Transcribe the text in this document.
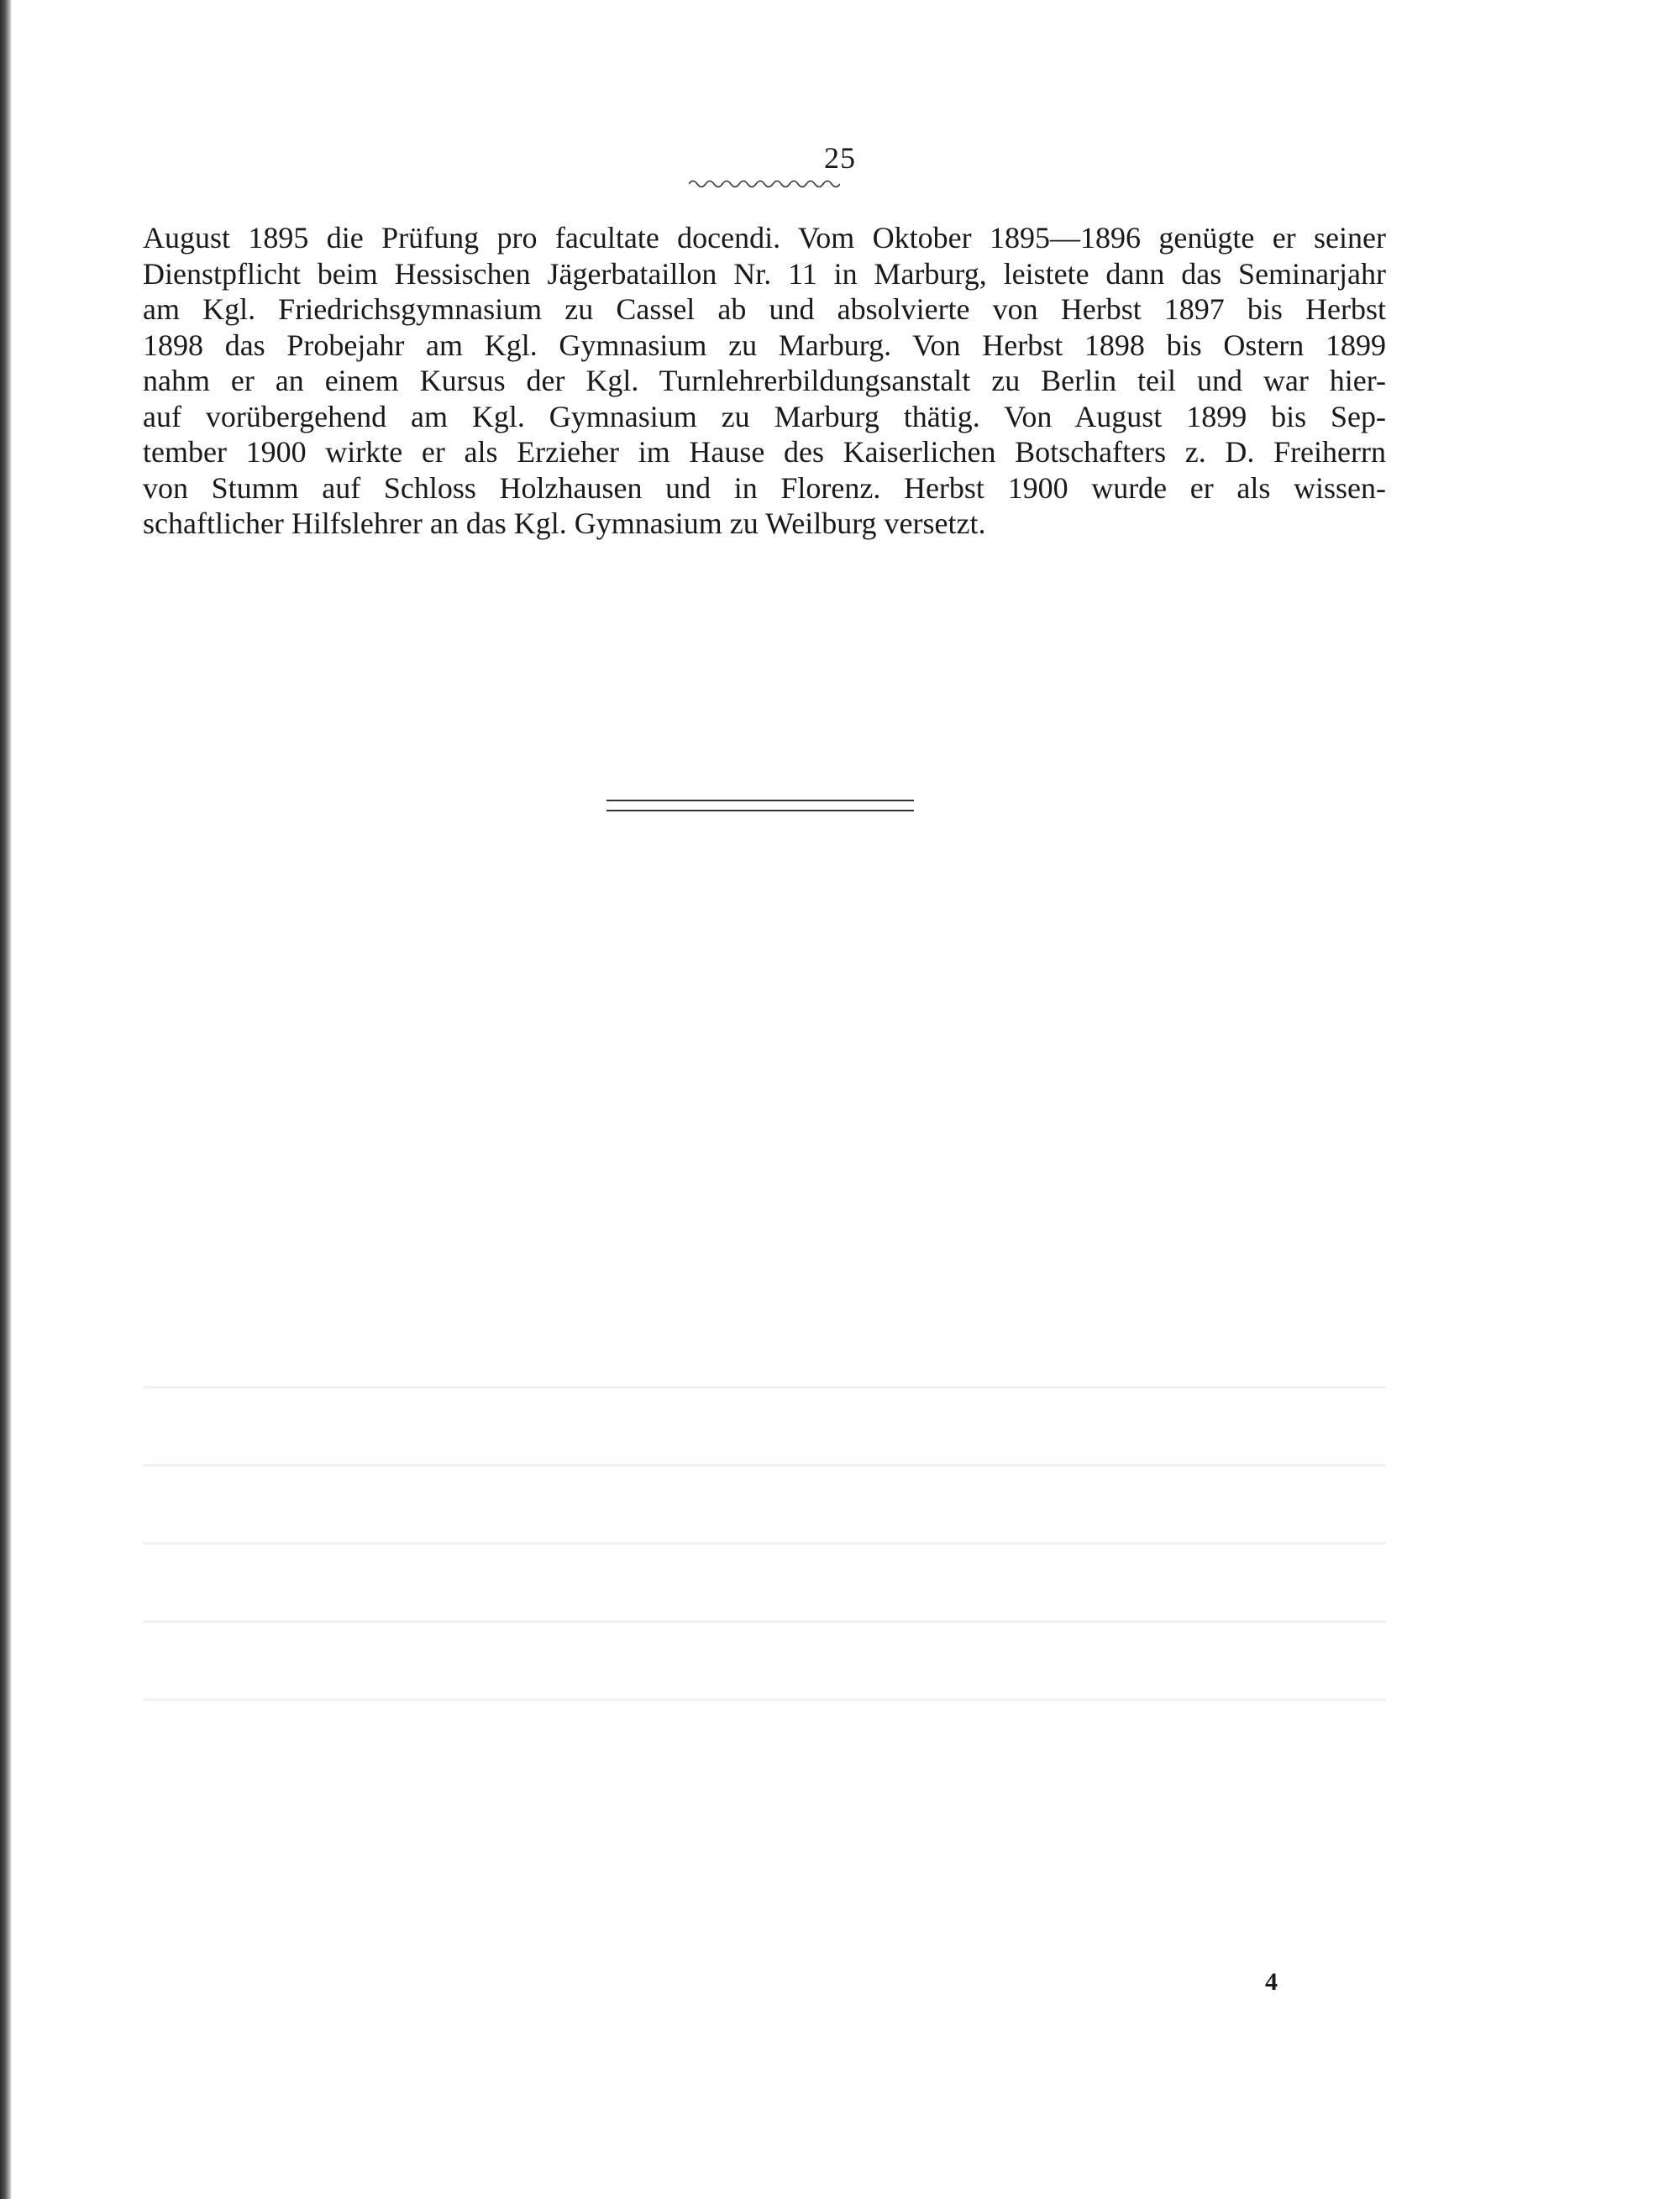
25
August 1895 die Prüfung pro facultate docendi. Vom Oktober 1895—1896 genügte er seiner
Dienstpflicht beim Hessischen Jägerbataillon Nr. 11 in Marburg, leistete dann das Seminarjahr
am Kgl. Friedrichsgymnasium zu Cassel ab und absolvierte von Herbst 1897 bis Herbst
1898 das Probejahr am Kgl. Gymnasium zu Marburg. Von Herbst 1898 bis Ostern 1899
nahm er an einem Kursus der Kgl. Turnlehrerbildungsanstalt zu Berlin teil und war hier-
auf vorübergehend am Kgl. Gymnasium zu Marburg thätig. Von August 1899 bis Sep-
tember 1900 wirkte er als Erzieher im Hause des Kaiserlichen Botschafters z. D. Freiherrn
von Stumm auf Schloss Holzhausen und in Florenz. Herbst 1900 wurde er als wissen-
schaftlicher Hilfslehrer an das Kgl. Gymnasium zu Weilburg versetzt.
4
